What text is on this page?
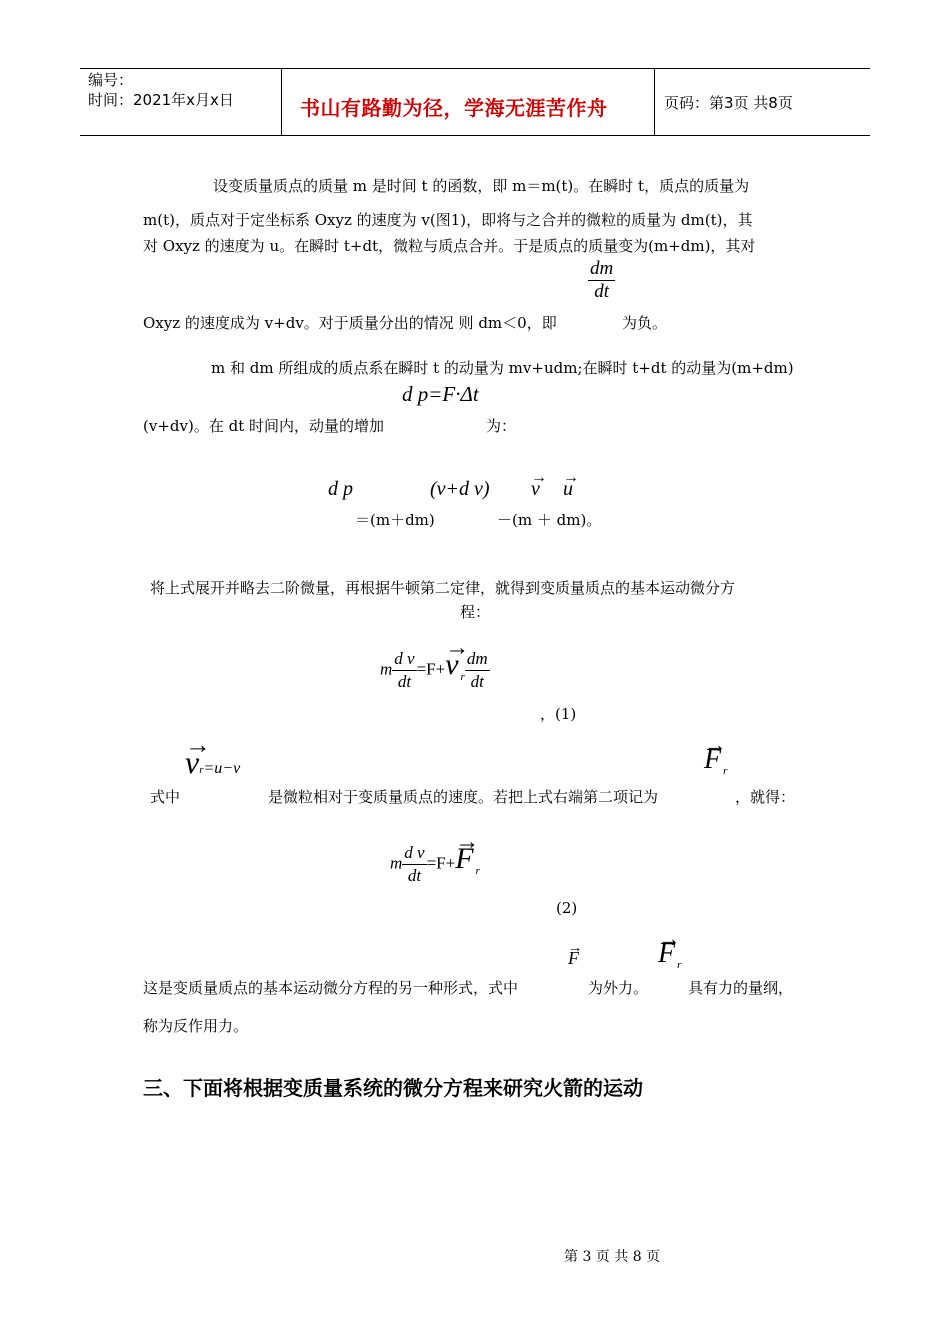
编号：
时间：2021年x月x日	书山有路勤为径，学海无涯苦作舟	页码：第3页 共8页
设变质量质点的质量 m 是时间 t 的函数，即 m＝m(t)。在瞬时 t，质点的质量为
m(t)，质点对于定坐标系 Oxyz 的速度为 v(图1)，即将与之合并的微粒的质量为 dm(t)，其
对 Oxyz 的速度为 u。在瞬时 t+dt，微粒与质点合并。于是质点的质量变为(m+dm)，其对
$\frac{dm}{dt}$
Oxyz 的速度成为 v+dv。对于质量分出的情况 则 dm＜0，即	为负。
m 和 dm 所组成的质点系在瞬时 t 的动量为 mv+udm;在瞬时 t+dt 的动量为(m+dm)
d p=F·Δt
(v+dv)。在 dt 时间内，动量的增加	为：
d p	(v+d v) → v → u
＝(m＋dm)	－(m ＋ dm)。
将上式展开并略去二阶微量，再根据牛顿第二定律，就得到变质量质点的基本运动微分方
程：
m $\frac{\text{d v}}{dt} =F+\to v$ $_r \frac{dm}{dt}$
，(1)
→ vr=u−v	→ F $_r$
式中	是微粒相对于变质量质点的速度。若把上式右端第二项记为	，就得：
m $\frac{\text{d v}}{dt} =F+\to F$ $_r$
(2)
→ F	→ F $_r$
这是变质量质点的基本运动微分方程的另一种形式，式中	为外力。	具有力的量纲，
称为反作用力。
三、下面将根据变质量系统的微分方程来研究火箭的运动
第 3 页 共 8 页
